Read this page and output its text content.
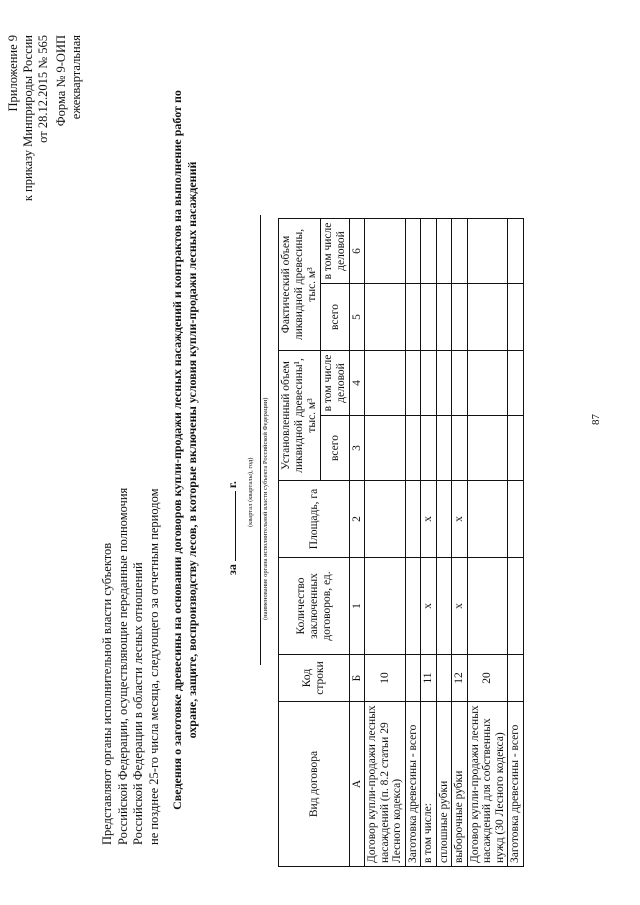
87
Приложение 9 к приказу Минприроды России от 28.12.2015 № 565 Форма № 9-ОИП ежеквартальная
Представляют органы исполнительной власти субъектов Российской Федерации, осуществляющие переданные полномочия Российской Федерации в области лесных отношений не позднее 25-го числа месяца, следующего за отчетным периодом Сведения о заготовке древесины на основании договоров купли-продажи лесных насаждений и контрактов на выполнение работ по охране, защите, воспроизводству лесов, в которые включены условия купли-продажи лесных насаждений за  г. (квартал (кварталы), год) (наименование органа исполнительной власти субъекта Российской Федерации)
Вид договора	Код строки	Количество заключенных договоров, ед.	Площадь, га	Установленный объем ликвидной древесины¹, тыс. м³		Фактический объем ликвидной древесины, тыс. м³	
				всего	в том числе деловой	всего	в том числе деловой
А	Б	1	2	3	4	5	6
Договор купли-продажи лесных насаждений (п. 8.2 статьи 29 Лесного кодекса)	10						
Заготовка древесины - всего							
в том числе:	11	х	х				
сплошные рубки							
выборочные рубки	12	х	х				
Договор купли-продажи лесных насаждений для собственных нужд (30 Лесного кодекса)	20						
Заготовка древесины - всего							
